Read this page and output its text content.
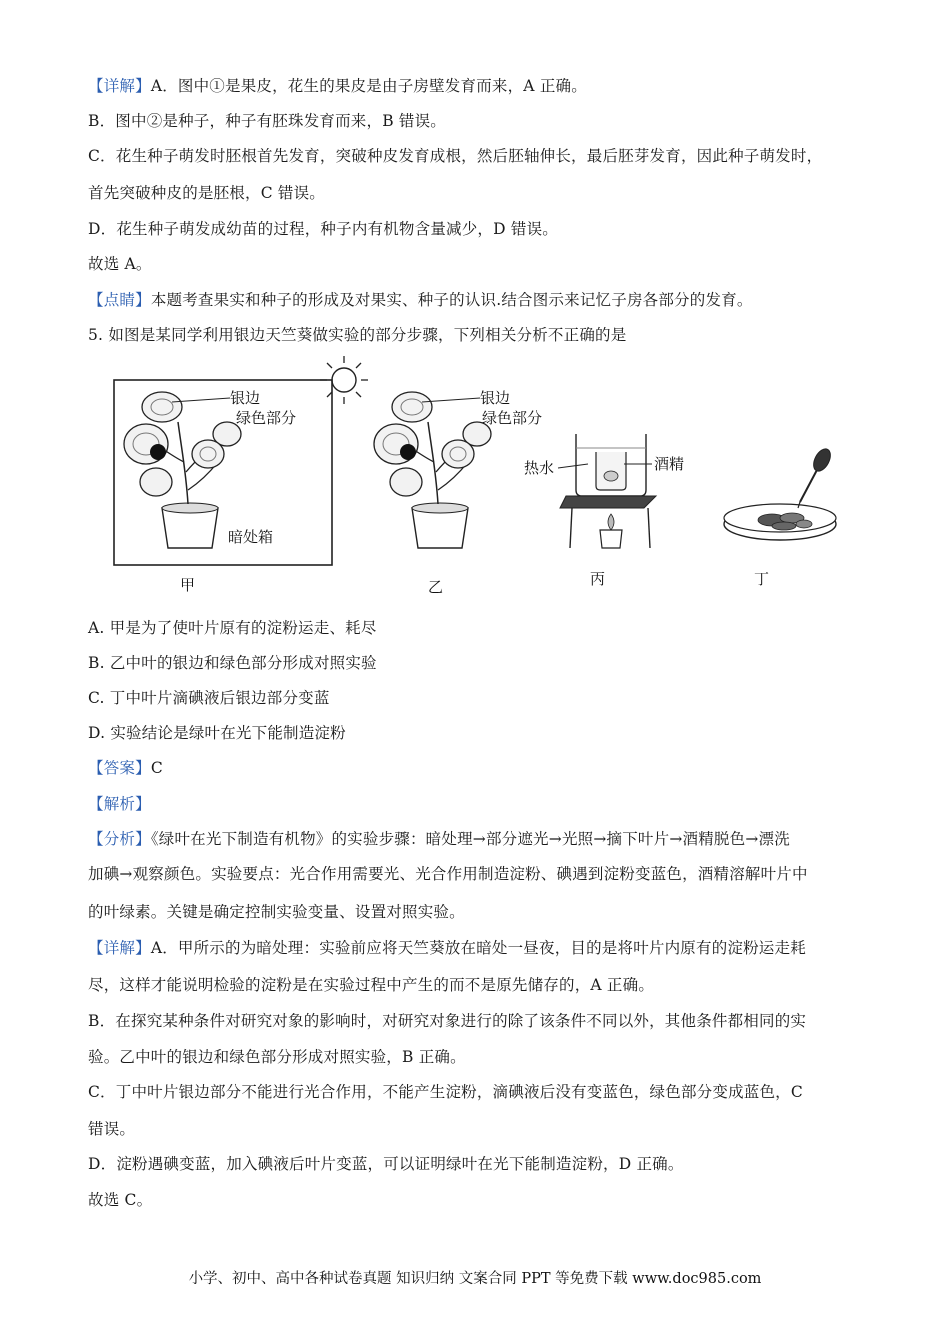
【详解】A．图中①是果皮，花生的果皮是由子房壁发育而来，A 正确。
B．图中②是种子，种子有胚珠发育而来，B 错误。
C．花生种子萌发时胚根首先发育，突破种皮发育成根，然后胚轴伸长，最后胚芽发育，因此种子萌发时，
首先突破种皮的是胚根，C 错误。
D．花生种子萌发成幼苗的过程，种子内有机物含量减少，D 错误。
故选 A。
【点睛】本题考查果实和种子的形成及对果实、种子的认识.结合图示来记忆子房各部分的发育。
5. 如图是某同学利用银边天竺葵做实验的部分步骤，下列相关分析不正确的是
银边
绿色部分
暗处箱
甲
银边
绿色部分
乙
热水	酒精
丙	丁
A. 甲是为了使叶片原有的淀粉运走、耗尽
B. 乙中叶的银边和绿色部分形成对照实验
C. 丁中叶片滴碘液后银边部分变蓝
D. 实验结论是绿叶在光下能制造淀粉
【答案】C
【解析】
【分析】《绿叶在光下制造有机物》的实验步骤：暗处理→部分遮光→光照→摘下叶片→酒精脱色→漂洗
加碘→观察颜色。实验要点：光合作用需要光、光合作用制造淀粉、碘遇到淀粉变蓝色，酒精溶解叶片中
的叶绿素。关键是确定控制实验变量、设置对照实验。
【详解】A．甲所示的为暗处理：实验前应将天竺葵放在暗处一昼夜，目的是将叶片内原有的淀粉运走耗
尽，这样才能说明检验的淀粉是在实验过程中产生的而不是原先储存的，A 正确。
B．在探究某种条件对研究对象的影响时，对研究对象进行的除了该条件不同以外，其他条件都相同的实
验。乙中叶的银边和绿色部分形成对照实验，B 正确。
C．丁中叶片银边部分不能进行光合作用，不能产生淀粉，滴碘液后没有变蓝色，绿色部分变成蓝色，C
错误。
D．淀粉遇碘变蓝，加入碘液后叶片变蓝，可以证明绿叶在光下能制造淀粉，D 正确。
故选 C。
小学、初中、高中各种试卷真题 知识归纳 文案合同 PPT 等免费下载 www.doc985.com
